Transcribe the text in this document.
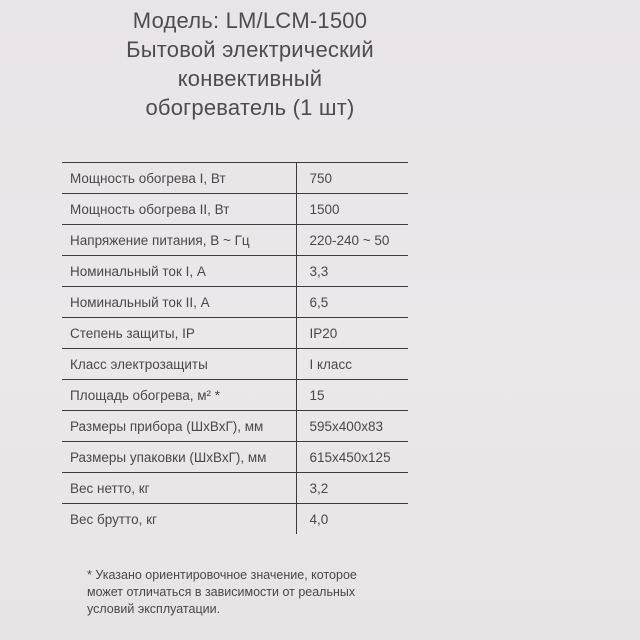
Модель: LM/LCM-1500
Бытовой электрический
конвективный
обогреватель (1 шт)
Мощность обогрева I, Вт	750
Мощность обогрева II, Вт	1500
Напряжение питания, В ~ Гц	220-240 ~ 50
Номинальный ток I, А	3,3
Номинальный ток II, А	6,5
Степень защиты, IP	IP20
Класс электрозащиты	I класс
Площадь обогрева, м² *	15
Размеры прибора (ШхВхГ), мм	595x400x83
Размеры упаковки (ШхВхГ), мм	615x450x125
Вес нетто, кг	3,2
Вес брутто, кг	4,0
* Указано ориентировочное значение, которое
может отличаться в зависимости от реальных
условий эксплуатации.
